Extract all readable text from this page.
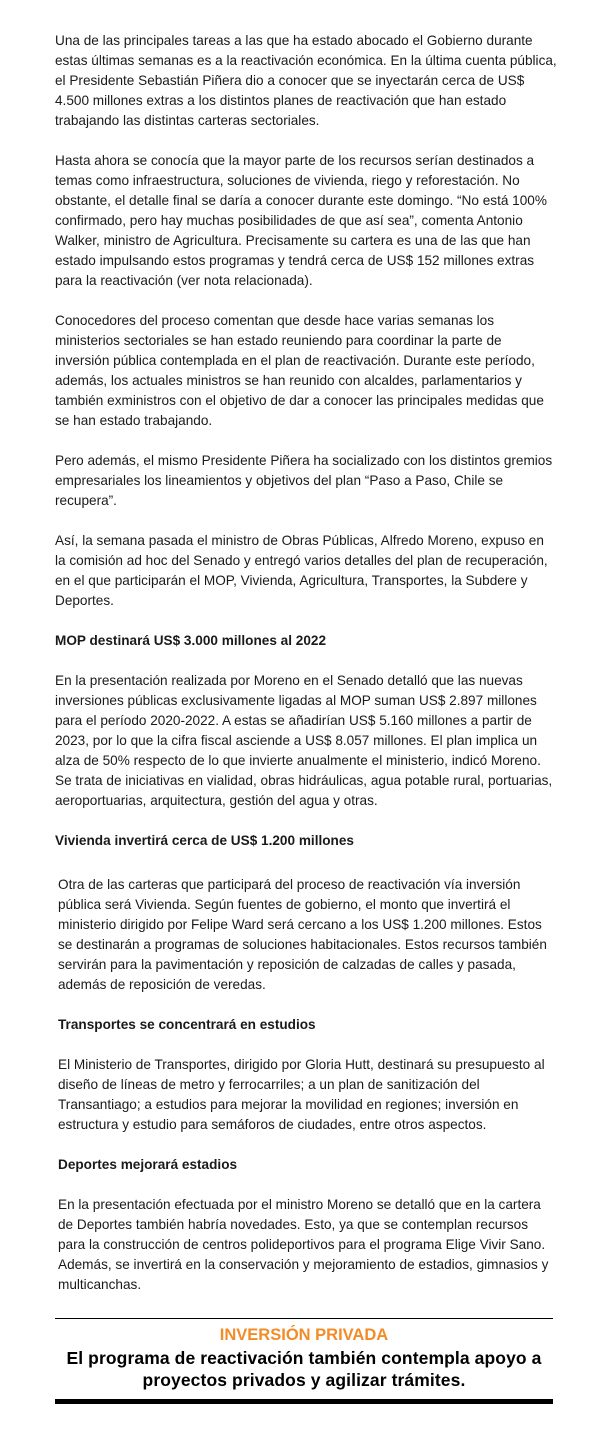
Una de las principales tareas a las que ha estado abocado el Gobierno durante estas últimas semanas es a la reactivación económica. En la última cuenta pública, el Presidente Sebastián Piñera dio a conocer que se inyectarán cerca de US$ 4.500 millones extras a los distintos planes de reactivación que han estado trabajando las distintas carteras sectoriales.

Hasta ahora se conocía que la mayor parte de los recursos serían destinados a temas como infraestructura, soluciones de vivienda, riego y reforestación. No obstante, el detalle final se daría a conocer durante este domingo. “No está 100% confirmado, pero hay muchas posibilidades de que así sea”, comenta Antonio Walker, ministro de Agricultura. Precisamente su cartera es una de las que han estado impulsando estos programas y tendrá cerca de US$ 152 millones extras para la reactivación (ver nota relacionada).

Conocedores del proceso comentan que desde hace varias semanas los ministerios sectoriales se han estado reuniendo para coordinar la parte de inversión pública contemplada en el plan de reactivación. Durante este período, además, los actuales ministros se han reunido con alcaldes, parlamentarios y también exministros con el objetivo de dar a conocer las principales medidas que se han estado trabajando.

Pero además, el mismo Presidente Piñera ha socializado con los distintos gremios empresariales los lineamientos y objetivos del plan “Paso a Paso, Chile se recupera”.

Así, la semana pasada el ministro de Obras Públicas, Alfredo Moreno, expuso en la comisión ad hoc del Senado y entregó varios detalles del plan de recuperación, en el que participarán el MOP, Vivienda, Agricultura, Transportes, la Subdere y Deportes.

MOP destinará US$ 3.000 millones al 2022

En la presentación realizada por Moreno en el Senado detalló que las nuevas inversiones públicas exclusivamente ligadas al MOP suman US$ 2.897 millones para el período 2020-2022. A estas se añadirían US$ 5.160 millones a partir de 2023, por lo que la cifra fiscal asciende a US$ 8.057 millones. El plan implica un alza de 50% respecto de lo que invierte anualmente el ministerio, indicó Moreno. Se trata de iniciativas en vialidad, obras hidráulicas, agua potable rural, portuarias, aeroportuarias, arquitectura, gestión del agua y otras.

Vivienda invertirá cerca de US$ 1.200 millones

Otra de las carteras que participará del proceso de reactivación vía inversión pública será Vivienda. Según fuentes de gobierno, el monto que invertirá el ministerio dirigido por Felipe Ward será cercano a los US$ 1.200 millones. Estos se destinarán a programas de soluciones habitacionales. Estos recursos también servirán para la pavimentación y reposición de calzadas de calles y pasada, además de reposición de veredas.

Transportes se concentrará en estudios

El Ministerio de Transportes, dirigido por Gloria Hutt, destinará su presupuesto al diseño de líneas de metro y ferrocarriles; a un plan de sanitización del Transantiago; a estudios para mejorar la movilidad en regiones; inversión en estructura y estudio para semáforos de ciudades, entre otros aspectos.

Deportes mejorará estadios

En la presentación efectuada por el ministro Moreno se detalló que en la cartera de Deportes también habría novedades. Esto, ya que se contemplan recursos para la construcción de centros polideportivos para el programa Elige Vivir Sano. Además, se invertirá en la conservación y mejoramiento de estadios, gimnasios y multicanchas.

INVERSIÓN PRIVADA
El programa de reactivación también contempla apoyo a proyectos privados y agilizar trámites.
